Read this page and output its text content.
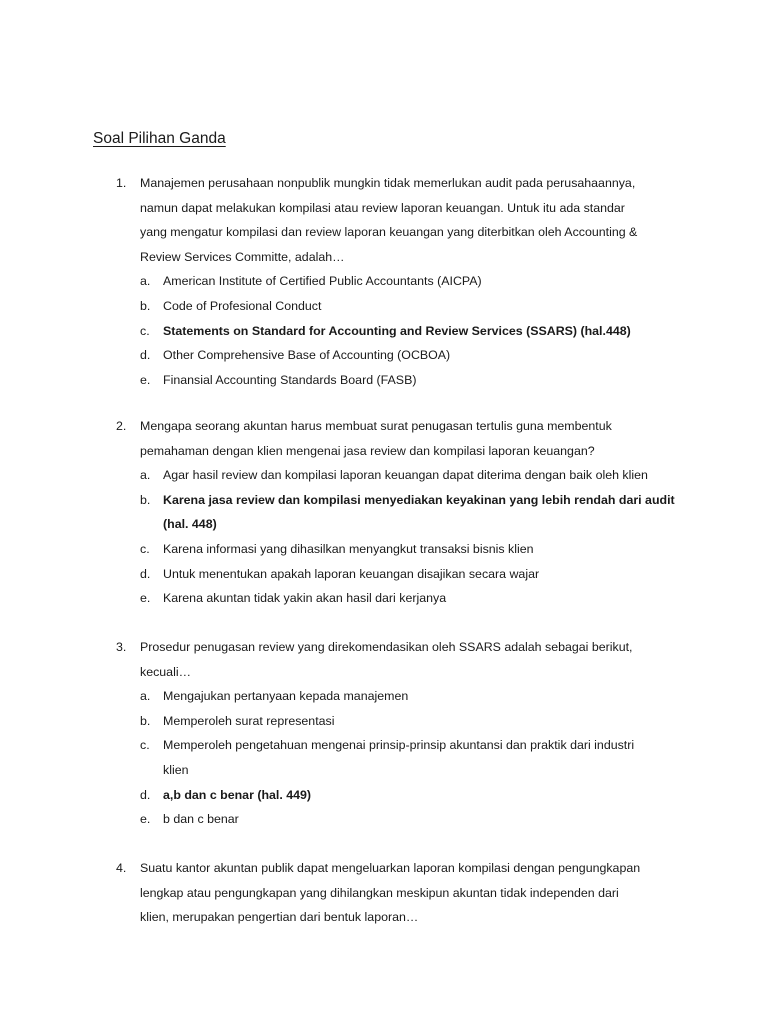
Soal Pilihan Ganda
1. Manajemen perusahaan nonpublik mungkin tidak memerlukan audit pada perusahaannya,
namun dapat melakukan kompilasi atau review laporan keuangan. Untuk itu ada standar
yang mengatur kompilasi dan review laporan keuangan yang diterbitkan oleh Accounting &
Review Services Committe, adalah…
a. American Institute of Certified Public Accountants (AICPA)
b. Code of Profesional Conduct
c. Statements on Standard for Accounting and Review Services (SSARS) (hal.448)
d. Other Comprehensive Base of Accounting (OCBOA)
e. Finansial Accounting Standards Board (FASB)
2. Mengapa seorang akuntan harus membuat surat penugasan tertulis guna membentuk
pemahaman dengan klien mengenai jasa review dan kompilasi laporan keuangan?
a. Agar hasil review dan kompilasi laporan keuangan dapat diterima dengan baik oleh klien
b. Karena jasa review dan kompilasi menyediakan keyakinan yang lebih rendah dari audit
(hal. 448)
c. Karena informasi yang dihasilkan menyangkut transaksi bisnis klien
d. Untuk menentukan apakah laporan keuangan disajikan secara wajar
e. Karena akuntan tidak yakin akan hasil dari kerjanya
3. Prosedur penugasan review yang direkomendasikan oleh SSARS adalah sebagai berikut,
kecuali…
a. Mengajukan pertanyaan kepada manajemen
b. Memperoleh surat representasi
c. Memperoleh pengetahuan mengenai prinsip-prinsip akuntansi dan praktik dari industri
klien
d. a,b dan c benar (hal. 449)
e. b dan c benar
4. Suatu kantor akuntan publik dapat mengeluarkan laporan kompilasi dengan pengungkapan
lengkap atau pengungkapan yang dihilangkan meskipun akuntan tidak independen dari
klien, merupakan pengertian dari bentuk laporan…
